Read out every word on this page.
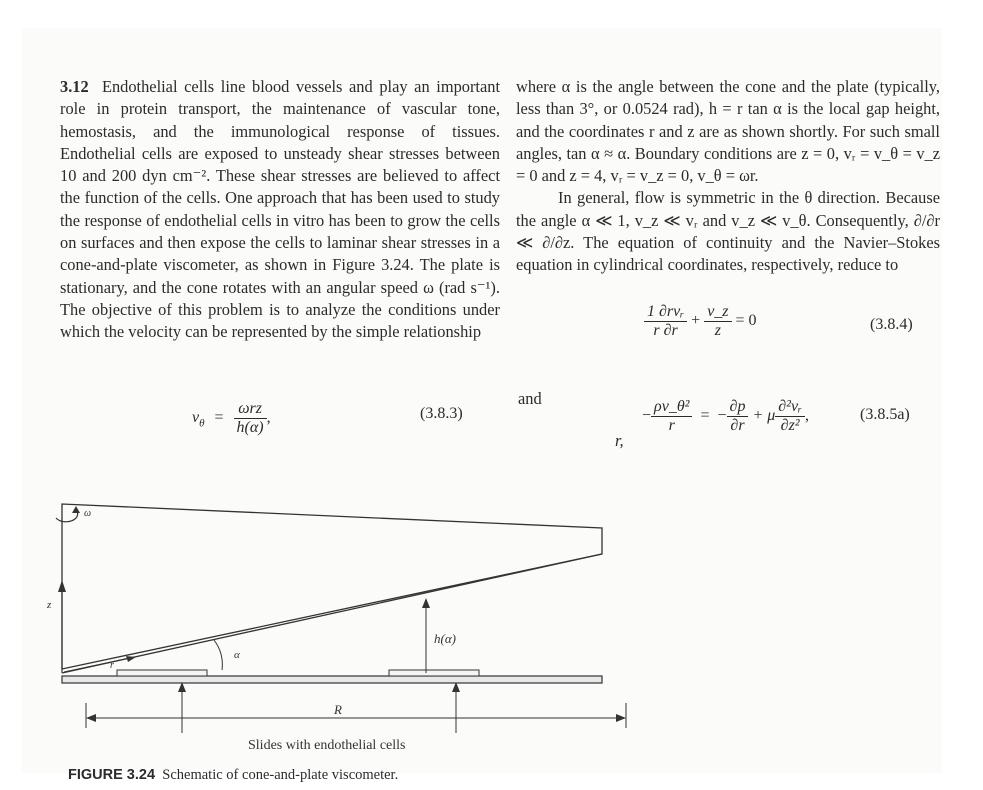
3.12 Endothelial cells line blood vessels and play an important role in protein transport, the maintenance of vascular tone, hemostasis, and the immunological response of tissues. Endothelial cells are exposed to unsteady shear stresses between 10 and 200 dyn cm⁻². These shear stresses are believed to affect the function of the cells. One approach that has been used to study the response of endothelial cells in vitro has been to grow the cells on surfaces and then expose the cells to laminar shear stresses in a cone-and-plate viscometer, as shown in Figure 3.24. The plate is stationary, and the cone rotates with an angular speed ω (rad s⁻¹). The objective of this problem is to analyze the conditions under which the velocity can be represented by the simple relationship

$v_\theta = \frac{\text{ωrz}}{h(\alpha)}$ ,	(3.8.3)

where α is the angle between the cone and the plate (typically, less than 3°, or 0.0524 rad), h = r tan α is the local gap height, and the coordinates r and z are as shown shortly. For such small angles, tan α ≈ α. Boundary conditions are z = 0, vᵣ = v_θ = v_z = 0 and z = 4, vᵣ = v_z = 0, v_θ = ωr.

In general, flow is symmetric in the θ direction. Because the angle α ≪ 1, v_z ≪ vᵣ and v_z ≪ v_θ. Consequently, ∂/∂r ≪ ∂/∂z. The equation of continuity and the Navier–Stokes equation in cylindrical coordinates, respectively, reduce to

$\frac{\text{1 ∂rvᵣ}}{r \partial r} + \frac{v\_z}{z} = 0$	(3.8.4)
and
r,
− $\frac{\text{ρv\_θ²}}{r}$ = − $\frac{\partial p}{\partial r} + \mu \frac{\text{∂²vᵣ}}{\text{∂z²}}$ ,	(3.8.5a)
z
ω
r
α
h(α)
R
Slides with endothelial cells
FIGURE 3.24 Schematic of cone-and-plate viscometer.
